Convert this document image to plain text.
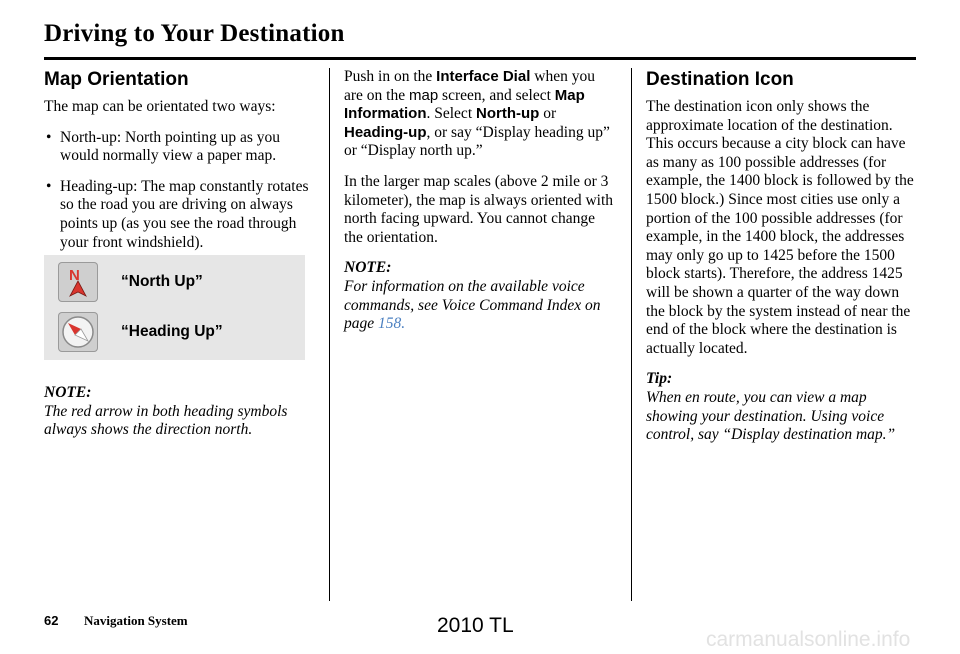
Driving to Your Destination
Map Orientation

The map can be orientated two ways:

• North-up: North pointing up as you would normally view a paper map.
• Heading-up: The map constantly rotates so the road you are driving on always points up (as you see the road through your front windshield).
N	“North Up”
“Heading Up”
NOTE:
The red arrow in both heading symbols always shows the direction north.

Push in on the Interface Dial when you are on the map screen, and select Map Information. Select North-up or Heading-up, or say “Display heading up” or “Display north up.”

In the larger map scales (above 2 mile or 3 kilometer), the map is always oriented with north facing upward. You cannot change the orientation.

NOTE:
For information on the available voice commands, see Voice Command Index on page 158.
Destination Icon

The destination icon only shows the approximate location of the destination. This occurs because a city block can have as many as 100 possible addresses (for example, the 1400 block is followed by the 1500 block.) Since most cities use only a portion of the 100 possible addresses (for example, in the 1400 block, the addresses may only go up to 1425 before the 1500 block starts). Therefore, the address 1425 will be shown a quarter of the way down the block by the system instead of near the end of the block where the destination is actually located.

Tip:
When en route, you can view a map showing your destination. Using voice control, say “Display destination map.”
62 Navigation System	2010 TL
carmanualsonline.info
